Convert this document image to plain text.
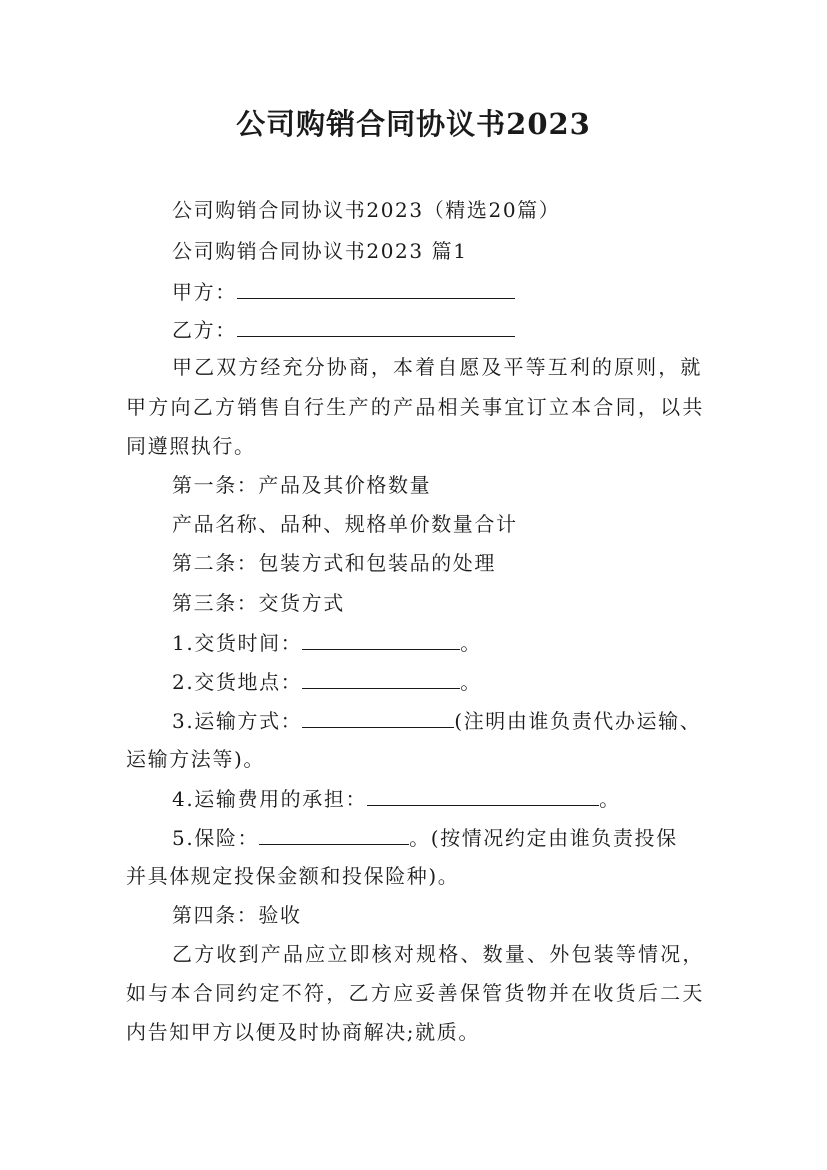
公司购销合同协议书2023
公司购销合同协议书2023（精选20篇）
公司购销合同协议书2023 篇1
甲方：
乙方：
甲乙双方经充分协商，本着自愿及平等互利的原则，就
甲方向乙方销售自行生产的产品相关事宜订立本合同，以共
同遵照执行。
第一条：产品及其价格数量
产品名称、品种、规格单价数量合计
第二条：包装方式和包装品的处理
第三条：交货方式
1.交货时间：	。
2.交货地点：	。
3.运输方式：	(注明由谁负责代办运输、
运输方法等)。
4.运输费用的承担：	。
5.保险：	。(按情况约定由谁负责投保
并具体规定投保金额和投保险种)。
第四条：验收
乙方收到产品应立即核对规格、数量、外包装等情况，
如与本合同约定不符，乙方应妥善保管货物并在收货后二天
内告知甲方以便及时协商解决;就质。
